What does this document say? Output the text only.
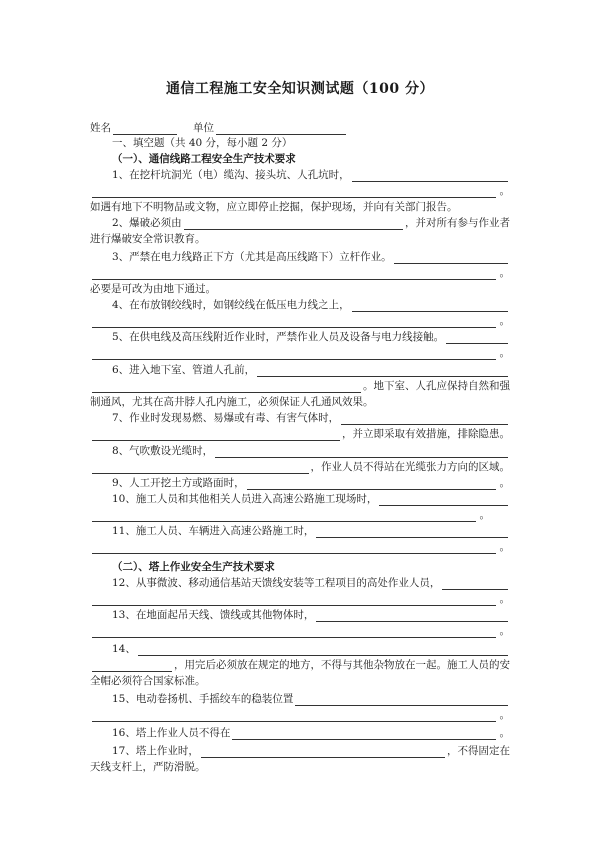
通信工程施工安全知识测试题（100 分）
姓名	单位
一、填空题（共 40 分，每小题 2 分）
（一）、通信线路工程安全生产技术要求
1、在挖杆坑洞光（电）缆沟、接头坑、人孔坑时，
。
如遇有地下不明物品或文物，应立即停止挖掘，保护现场，并向有关部门报告。
2、爆破必须由	，并对所有参与作业者
进行爆破安全常识教育。
3、严禁在电力线路正下方（尤其是高压线路下）立杆作业。
。
必要是可改为由地下通过。
4、在布放钢绞线时，如钢绞线在低压电力线之上，
。
5、在供电线及高压线附近作业时，严禁作业人员及设备与电力线接触。
。
6、进入地下室、管道人孔前，
。地下室、人孔应保持自然和强
制通风，尤其在高井脖人孔内施工，必须保证人孔通风效果。
7、作业时发现易燃、易爆或有毒、有害气体时，
，并立即采取有效措施，排除隐患。
8、气吹敷设光缆时，
，作业人员不得站在光缆张力方向的区域。
9、人工开挖土方或路面时，	。
10、施工人员和其他相关人员进入高速公路施工现场时，
。
11、施工人员、车辆进入高速公路施工时，
。
（二）、塔上作业安全生产技术要求
12、从事微波、移动通信基站天馈线安装等工程项目的高处作业人员，
。
13、在地面起吊天线、馈线或其他物体时，
。
14、
，用完后必须放在规定的地方，不得与其他杂物放在一起。施工人员的安
全帽必须符合国家标准。
15、电动卷扬机、手摇绞车的稳装位置
。
16、塔上作业人员不得在	。
17、塔上作业时，	，不得固定在
天线支杆上，严防滑脱。
